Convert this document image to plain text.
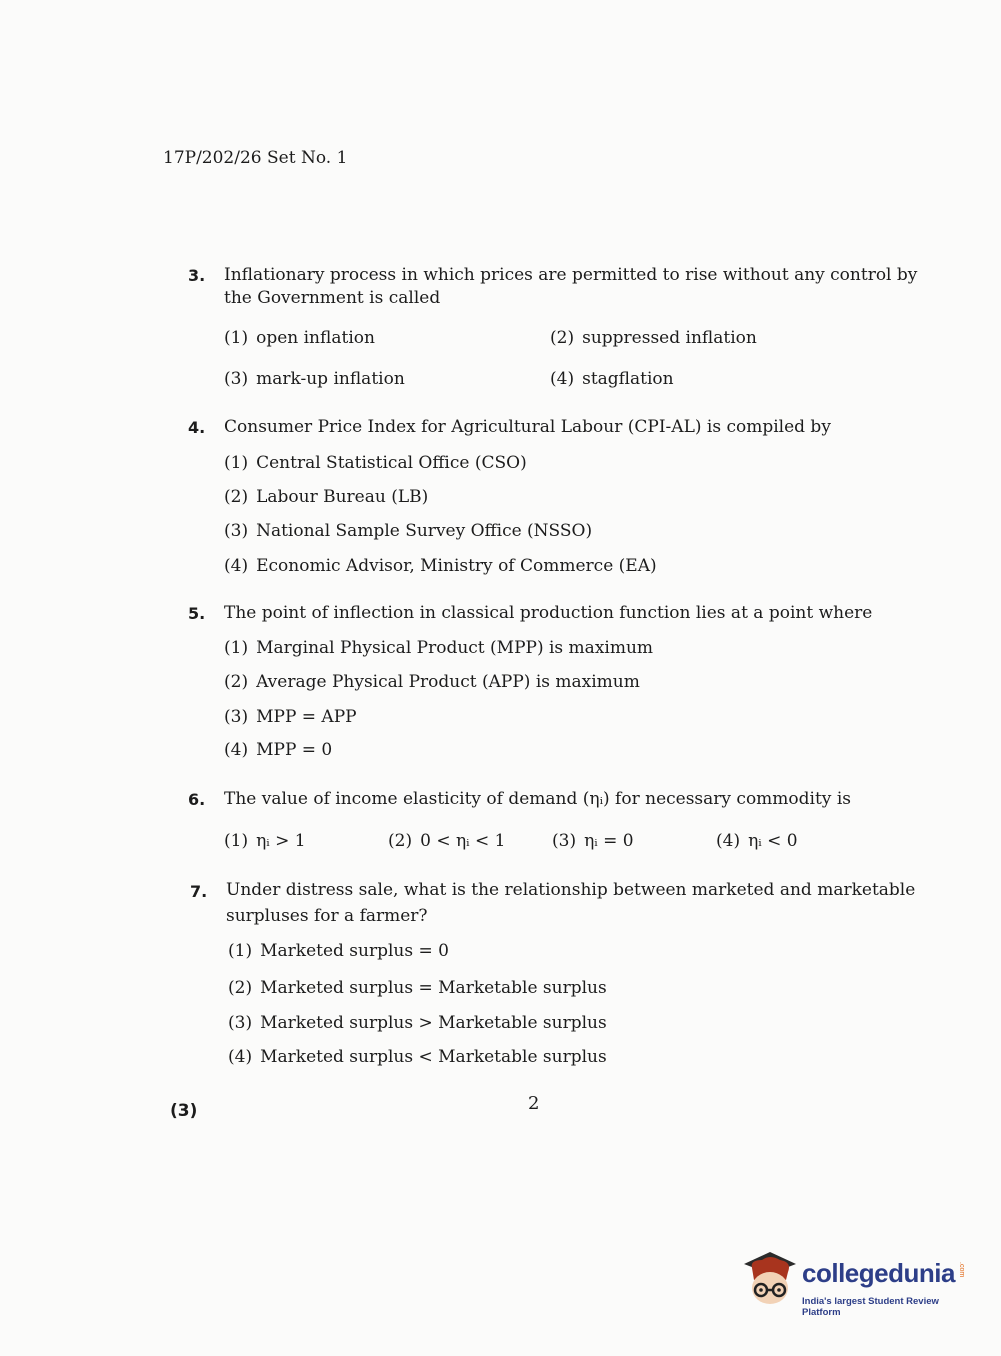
17P/202/26 Set No. 1
3. Inflationary process in which prices are permitted to rise without any control by
the Government is called
(1) open inflation	(2) suppressed inflation
(3) mark-up inflation	(4) stagflation
4. Consumer Price Index for Agricultural Labour (CPI-AL) is compiled by
(1) Central Statistical Office (CSO)
(2) Labour Bureau (LB)
(3) National Sample Survey Office (NSSO)
(4) Economic Advisor, Ministry of Commerce (EA)
5. The point of inflection in classical production function lies at a point where
(1) Marginal Physical Product (MPP) is maximum
(2) Average Physical Product (APP) is maximum
(3) MPP = APP
(4) MPP = 0
6. The value of income elasticity of demand (ηᵢ) for necessary commodity is
(1) ηᵢ > 1	(2) 0 < ηᵢ < 1	(3) ηᵢ = 0	(4) ηᵢ < 0
7. Under distress sale, what is the relationship between marketed and marketable
surpluses for a farmer?
(1) Marketed surplus = 0
(2) Marketed surplus = Marketable surplus
(3) Marketed surplus > Marketable surplus
(4) Marketed surplus < Marketable surplus
2
(3)
collegedunia .com
India's largest Student Review Platform
